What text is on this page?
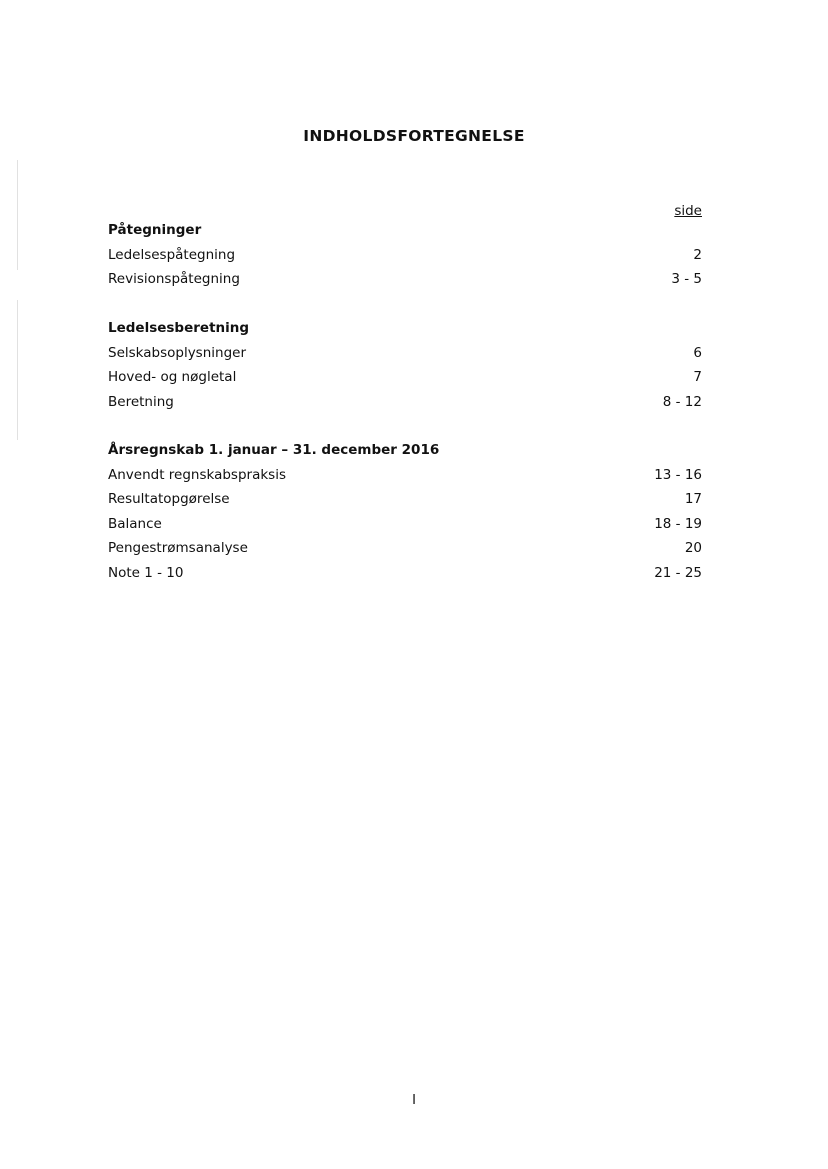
INDHOLDSFORTEGNELSE
side
Påtegninger
Ledelsespåtegning	2
Revisionspåtegning	3 - 5
Ledelsesberetning
Selskabsoplysninger	6
Hoved- og nøgletal	7
Beretning	8 - 12
Årsregnskab 1. januar – 31. december 2016
Anvendt regnskabspraksis	13 - 16
Resultatopgørelse	17
Balance	18 - 19
Pengestrømsanalyse	20
Note 1 - 10	21 - 25
I
